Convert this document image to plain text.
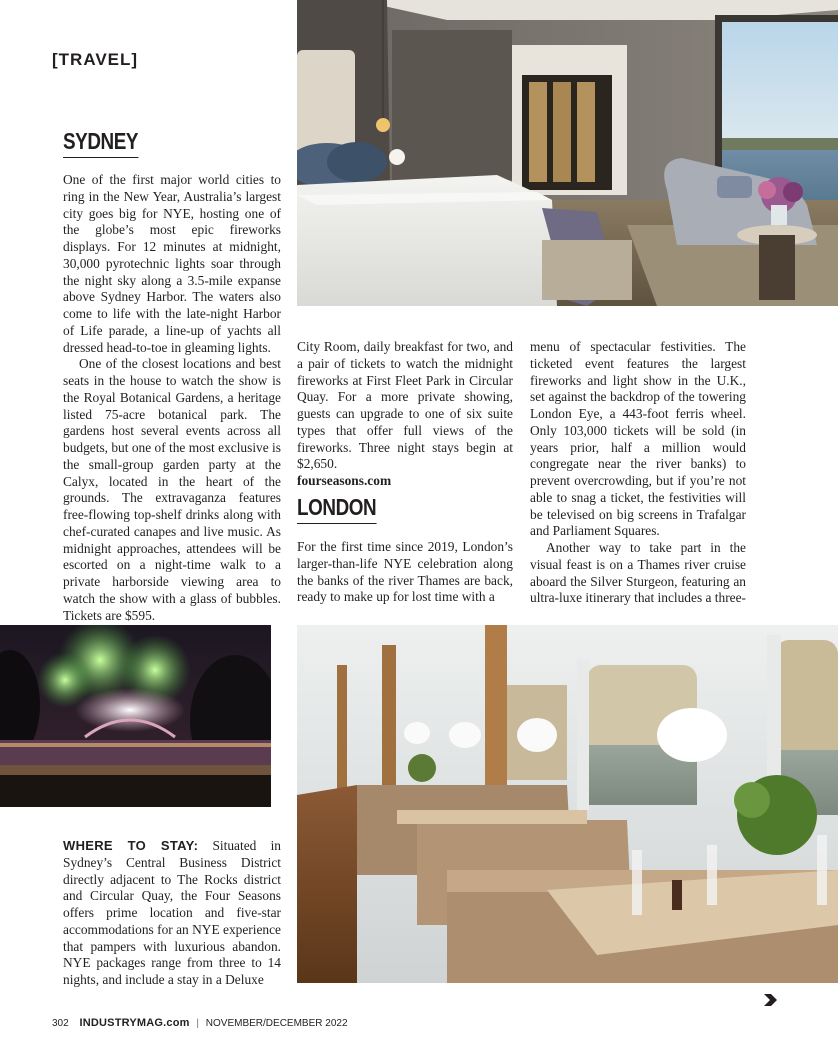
[TRAVEL]
SYDNEY

One of the first major world cities to ring in the New Year, Australia’s largest city goes big for NYE, hosting one of the globe’s most epic fireworks displays. For 12 minutes at midnight, 30,000 pyrotechnic lights soar through the night sky along a 3.5-mile expanse above Sydney Harbor. The waters also come to life with the late-night Harbor of Life parade, a line-up of yachts all dressed head-to-toe in gleaming lights.

One of the closest locations and best seats in the house to watch the show is the Royal Botanical Gardens, a heritage listed 75-acre botanical park. The gardens host several events across all budgets, but one of the most exclusive is the small-group garden party at the Calyx, located in the heart of the grounds. The extravaganza features free-flowing top-shelf drinks along with chef-curated canapes and live music. As midnight approaches, attendees will be escorted on a night-time walk to a private harborside viewing area to watch the show with a glass of bubbles. Tickets are $595.

City Room, daily breakfast for two, and a pair of tickets to watch the midnight fireworks at First Fleet Park in Circular Quay. For a more private showing, guests can upgrade to one of six suite types that offer full views of the fireworks. Three night stays begin at $2,650.

fourseasons.com

LONDON

For the first time since 2019, London’s larger-than-life NYE celebration along the banks of the river Thames are back, ready to make up for lost time with a

menu of spectacular festivities. The ticketed event features the largest fireworks and light show in the U.K., set against the backdrop of the towering London Eye, a 443-foot ferris wheel. Only 103,000 tickets will be sold (in years prior, half a million would congregate near the river banks) to prevent overcrowding, but if you’re not able to snag a ticket, the festivities will be televised on big screens in Trafalgar and Parliament Squares.

Another way to take part in the visual feast is on a Thames river cruise aboard the Silver Sturgeon, featuring an ultra-luxe itinerary that includes a three-

WHERE TO STAY: Situated in Sydney’s Central Business District directly adjacent to The Rocks district and Circular Quay, the Four Seasons offers prime location and five-star accommodations for an NYE experience that pampers with luxurious abandon. NYE packages range from three to 14 nights, and include a stay in a Deluxe

302 INDUSTRYMAG.com | NOVEMBER/DECEMBER 2022
